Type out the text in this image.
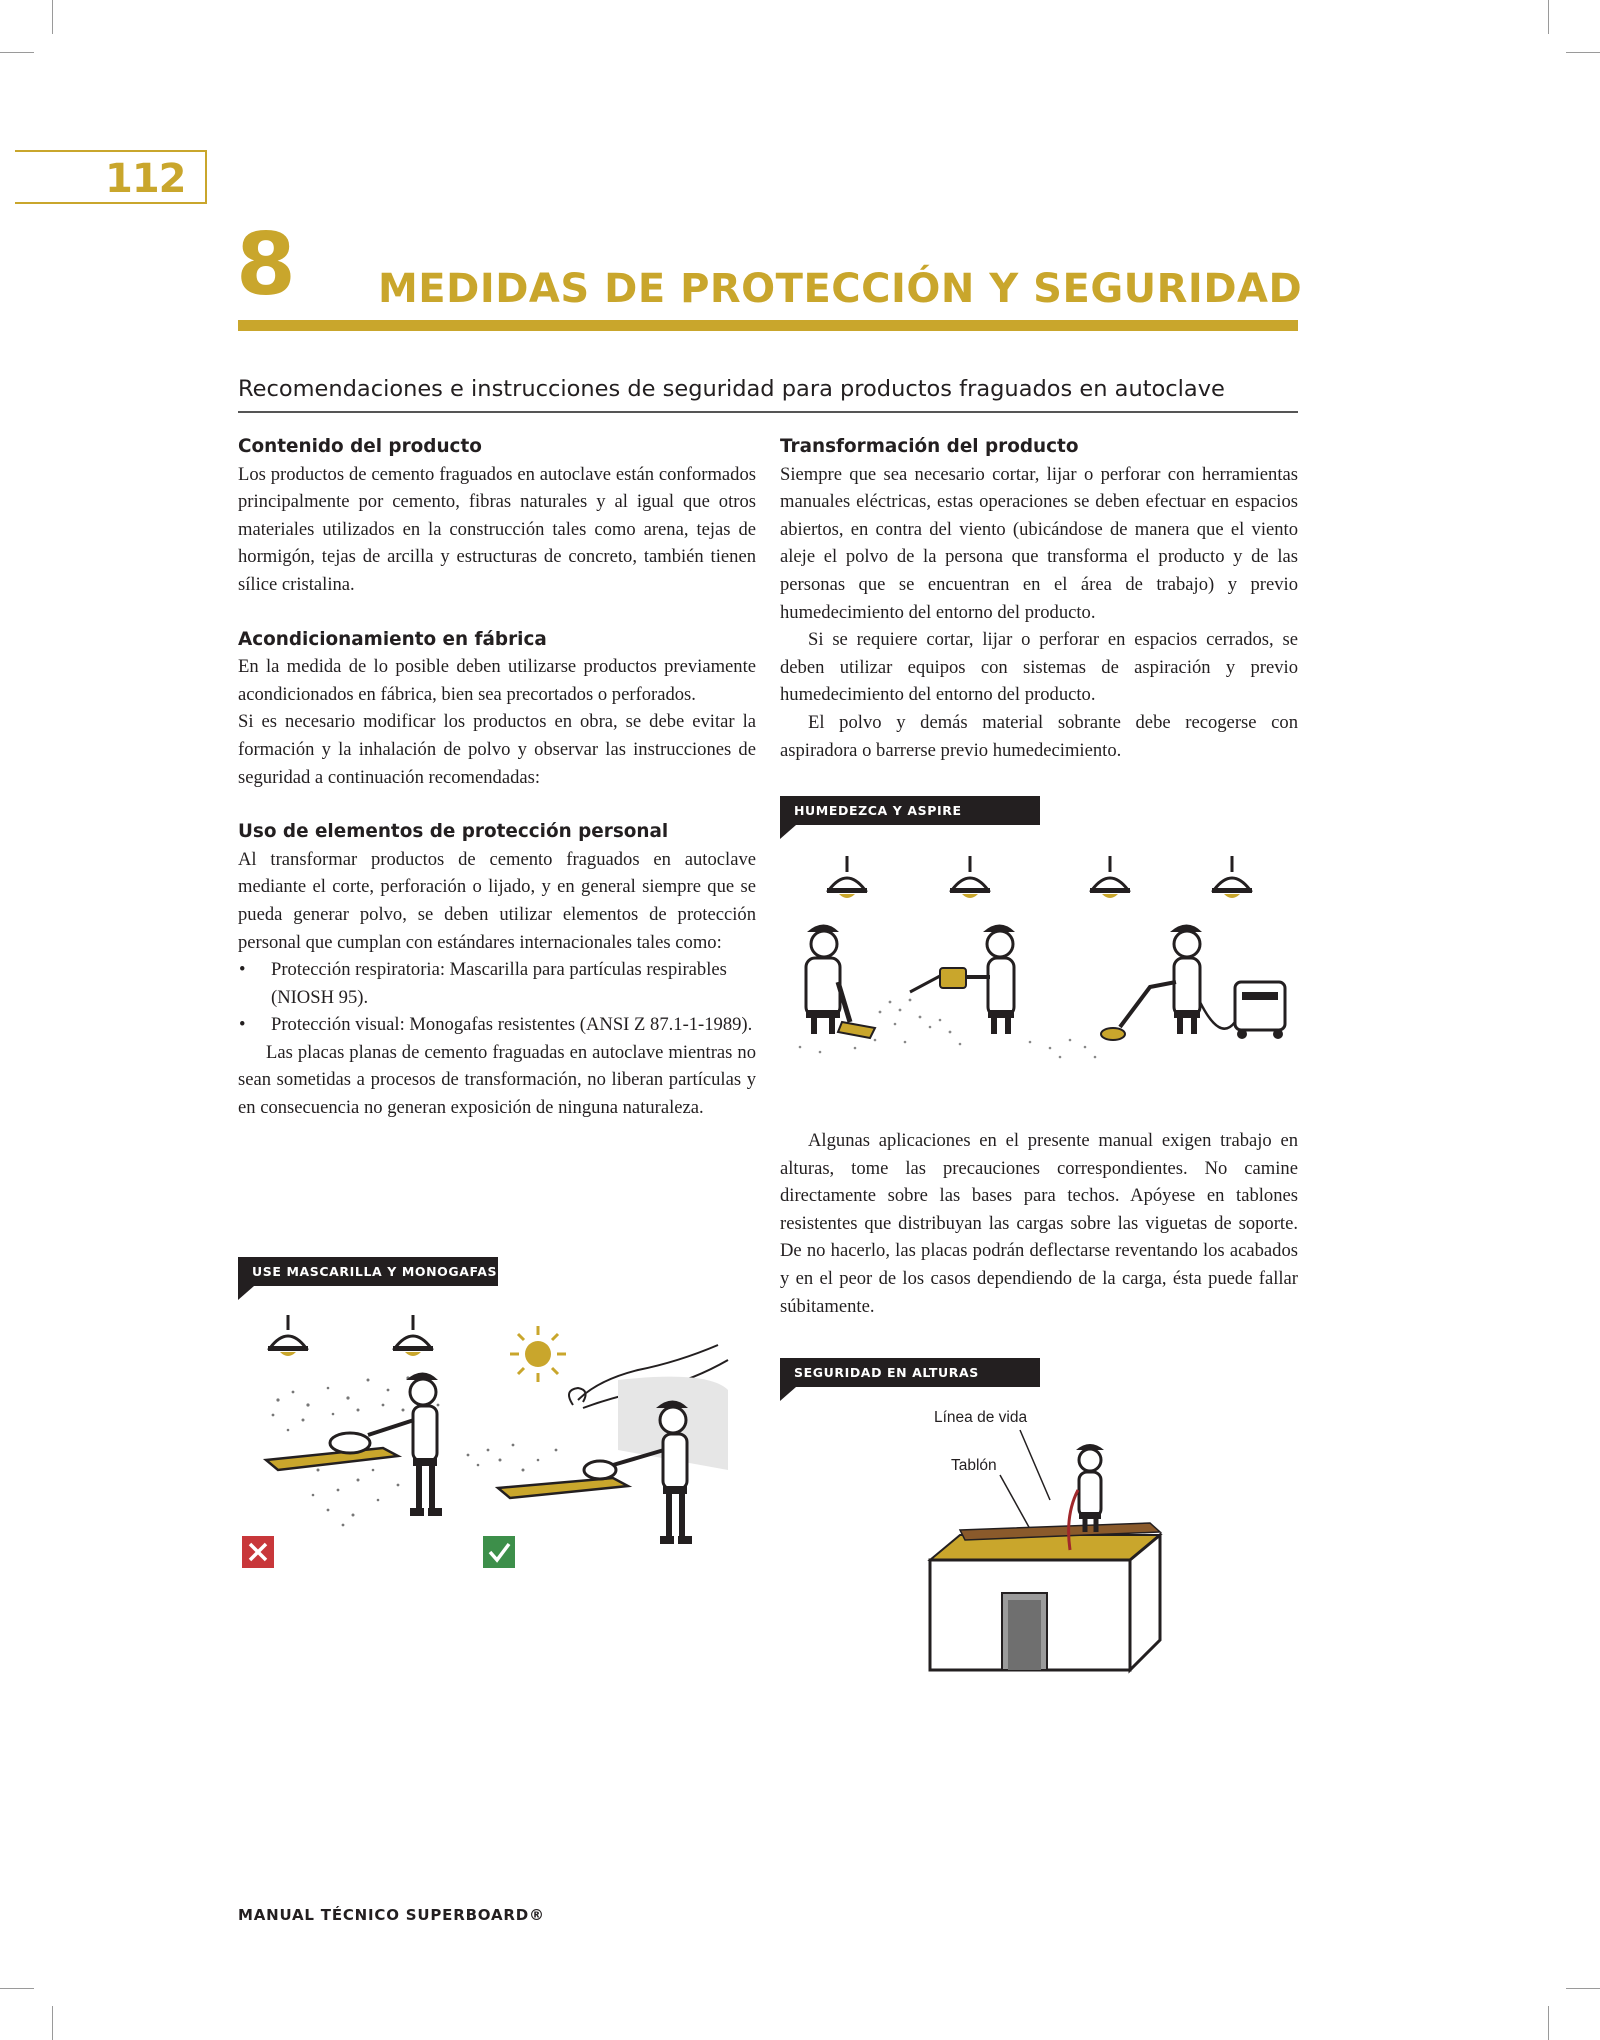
112
8 MEDIDAS DE PROTECCIÓN Y SEGURIDAD
Recomendaciones e instrucciones de seguridad para productos fraguados en autoclave
Contenido del producto

Los productos de cemento fraguados en autoclave están conformados principalmente por cemento, fibras naturales y al igual que otros materiales utilizados en la construcción tales como arena, tejas de hormigón, tejas de arcilla y estructuras de concreto, también tienen sílice cristalina.

Acondicionamiento en fábrica

En la medida de lo posible deben utilizarse productos previamente acondicionados en fábrica, bien sea precortados o perforados.

Si es necesario modificar los productos en obra, se debe evitar la formación y la inhalación de polvo y observar las instrucciones de seguridad a continuación recomendadas:

Uso de elementos de protección personal

Al transformar productos de cemento fraguados en autoclave mediante el corte, perforación o lijado, y en general siempre que se pueda generar polvo, se deben utilizar elementos de protección personal que cumplan con estándares internacionales tales como:

• Protección respiratoria: Mascarilla para partículas respirables (NIOSH 95).
• Protección visual: Monogafas resistentes (ANSI Z 87.1-1-1989).

Las placas planas de cemento fraguadas en autoclave mientras no sean sometidas a procesos de transformación, no liberan partículas y en consecuencia no generan exposición de ninguna naturaleza.

USE MASCARILLA Y MONOGAFAS
Transformación del producto

Siempre que sea necesario cortar, lijar o perforar con herramientas manuales eléctricas, estas operaciones se deben efectuar en espacios abiertos, en contra del viento (ubicándose de manera que el viento aleje el polvo de la persona que transforma el producto y de las personas que se encuentran en el área de trabajo) y previo humedecimiento del entorno del producto.

Si se requiere cortar, lijar o perforar en espacios cerrados, se deben utilizar equipos con sistemas de aspiración y previo humedecimiento del entorno del producto.

El polvo y demás material sobrante debe recogerse con aspiradora o barrerse previo humedecimiento.

HUMEDEZCA Y ASPIRE

Algunas aplicaciones en el presente manual exigen trabajo en alturas, tome las precauciones correspondientes. No camine directamente sobre las bases para techos. Apóyese en tablones resistentes que distribuyan las cargas sobre las viguetas de soporte. De no hacerlo, las placas podrán deflectarse reventando los acabados y en el peor de los casos dependiendo de la carga, ésta puede fallar súbitamente.

SEGURIDAD EN ALTURAS
Línea de vida
Tablón
MANUAL TÉCNICO SUPERBOARD®
